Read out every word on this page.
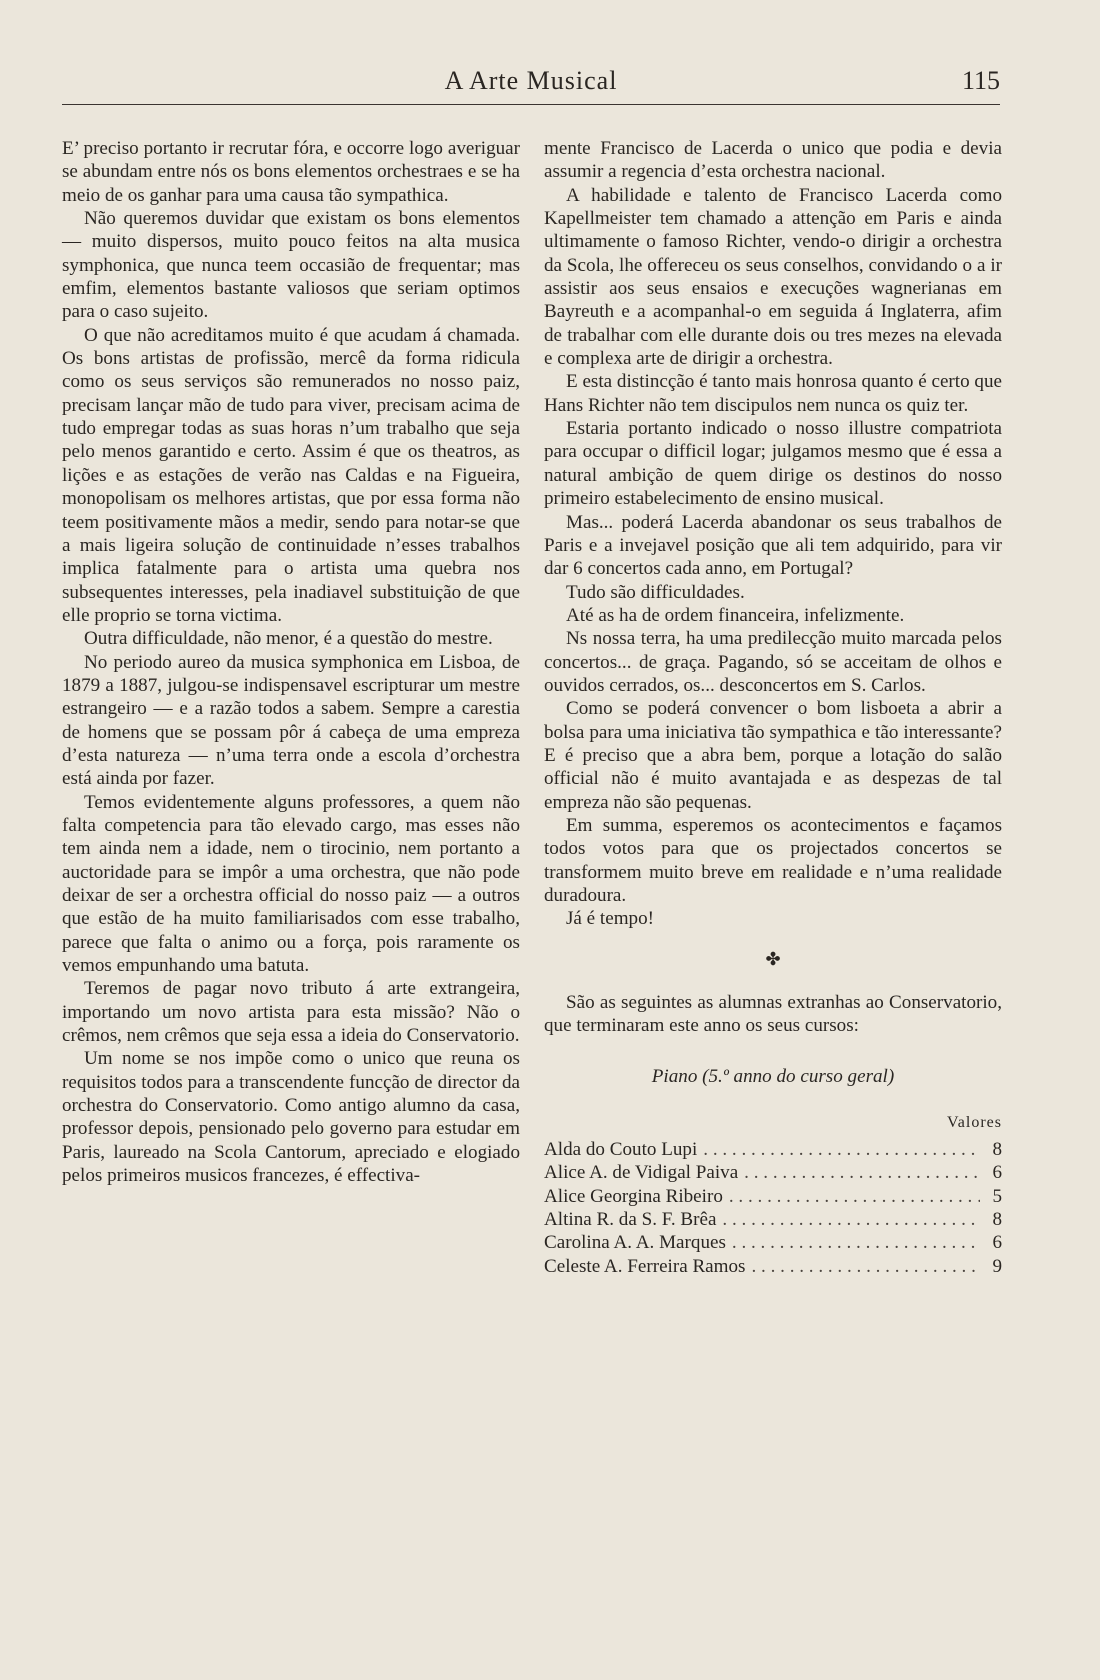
A Arte Musical	115

E’ preciso portanto ir recrutar fóra, e occorre logo averiguar se abundam entre nós os bons elementos orchestraes e se ha meio de os ganhar para uma causa tão sympathica.

Não queremos duvidar que existam os bons elementos — muito dispersos, muito pouco feitos na alta musica symphonica, que nunca teem occasião de frequentar; mas emfim, elementos bastante valiosos que seriam optimos para o caso sujeito.

O que não acreditamos muito é que acudam á chamada. Os bons artistas de profissão, mercê da forma ridicula como os seus serviços são remunerados no nosso paiz, precisam lançar mão de tudo para viver, precisam acima de tudo empregar todas as suas horas n’um trabalho que seja pelo menos garantido e certo. Assim é que os theatros, as lições e as estações de verão nas Caldas e na Figueira, monopolisam os melhores artistas, que por essa forma não teem positivamente mãos a medir, sendo para notar-se que a mais ligeira solução de continuidade n’esses trabalhos implica fatalmente para o artista uma quebra nos subsequentes interesses, pela inadiavel substituição de que elle proprio se torna victima.

Outra difficuldade, não menor, é a questão do mestre.

No periodo aureo da musica symphonica em Lisboa, de 1879 a 1887, julgou-se indispensavel escripturar um mestre estrangeiro — e a razão todos a sabem. Sempre a carestia de homens que se possam pôr á cabeça de uma empreza d’esta natureza — n’uma terra onde a escola d’orchestra está ainda por fazer.

Temos evidentemente alguns professores, a quem não falta competencia para tão elevado cargo, mas esses não tem ainda nem a idade, nem o tirocinio, nem portanto a auctoridade para se impôr a uma orchestra, que não pode deixar de ser a orchestra official do nosso paiz — a outros que estão de ha muito familiarisados com esse trabalho, parece que falta o animo ou a força, pois raramente os vemos empunhando uma batuta.

Teremos de pagar novo tributo á arte extrangeira, importando um novo artista para esta missão? Não o crêmos, nem crêmos que seja essa a ideia do Conservatorio.

Um nome se nos impõe como o unico que reuna os requisitos todos para a transcendente funcção de director da orchestra do Conservatorio. Como antigo alumno da casa, professor depois, pensionado pelo governo para estudar em Paris, laureado na Scola Cantorum, apreciado e elogiado pelos primeiros musicos francezes, é effectiva-

mente Francisco de Lacerda o unico que podia e devia assumir a regencia d’esta orchestra nacional.

A habilidade e talento de Francisco Lacerda como Kapellmeister tem chamado a attenção em Paris e ainda ultimamente o famoso Richter, vendo-o dirigir a orchestra da Scola, lhe offereceu os seus conselhos, convidando o a ir assistir aos seus ensaios e execuções wagnerianas em Bayreuth e a acompanhal-o em seguida á Inglaterra, afim de trabalhar com elle durante dois ou tres mezes na elevada e complexa arte de dirigir a orchestra.

E esta distincção é tanto mais honrosa quanto é certo que Hans Richter não tem discipulos nem nunca os quiz ter.

Estaria portanto indicado o nosso illustre compatriota para occupar o difficil logar; julgamos mesmo que é essa a natural ambição de quem dirige os destinos do nosso primeiro estabelecimento de ensino musical.

Mas... poderá Lacerda abandonar os seus trabalhos de Paris e a invejavel posição que ali tem adquirido, para vir dar 6 concertos cada anno, em Portugal?

Tudo são difficuldades.

Até as ha de ordem financeira, infelizmente.

Ns nossa terra, ha uma predilecção muito marcada pelos concertos... de graça. Pagando, só se acceitam de olhos e ouvidos cerrados, os... desconcertos em S. Carlos.

Como se poderá convencer o bom lisboeta a abrir a bolsa para uma iniciativa tão sympathica e tão interessante? E é preciso que a abra bem, porque a lotação do salão official não é muito avantajada e as despezas de tal empreza não são pequenas.

Em summa, esperemos os acontecimentos e façamos todos votos para que os projectados concertos se transformem muito breve em realidade e n’uma realidade duradoura.

Já é tempo!

✤

São as seguintes as alumnas extranhas ao Conservatorio, que terminaram este anno os seus cursos:

Piano (5.º anno do curso geral)
Valores
Alda do Couto Lupi . . .	8
Alice A. de Vidigal Paiva . . .	6
Alice Georgina Ribeiro . . .	5
Altina R. da S. F. Brêa . . .	8
Carolina A. A. Marques . . .	6
Celeste A. Ferreira Ramos . . .	9
